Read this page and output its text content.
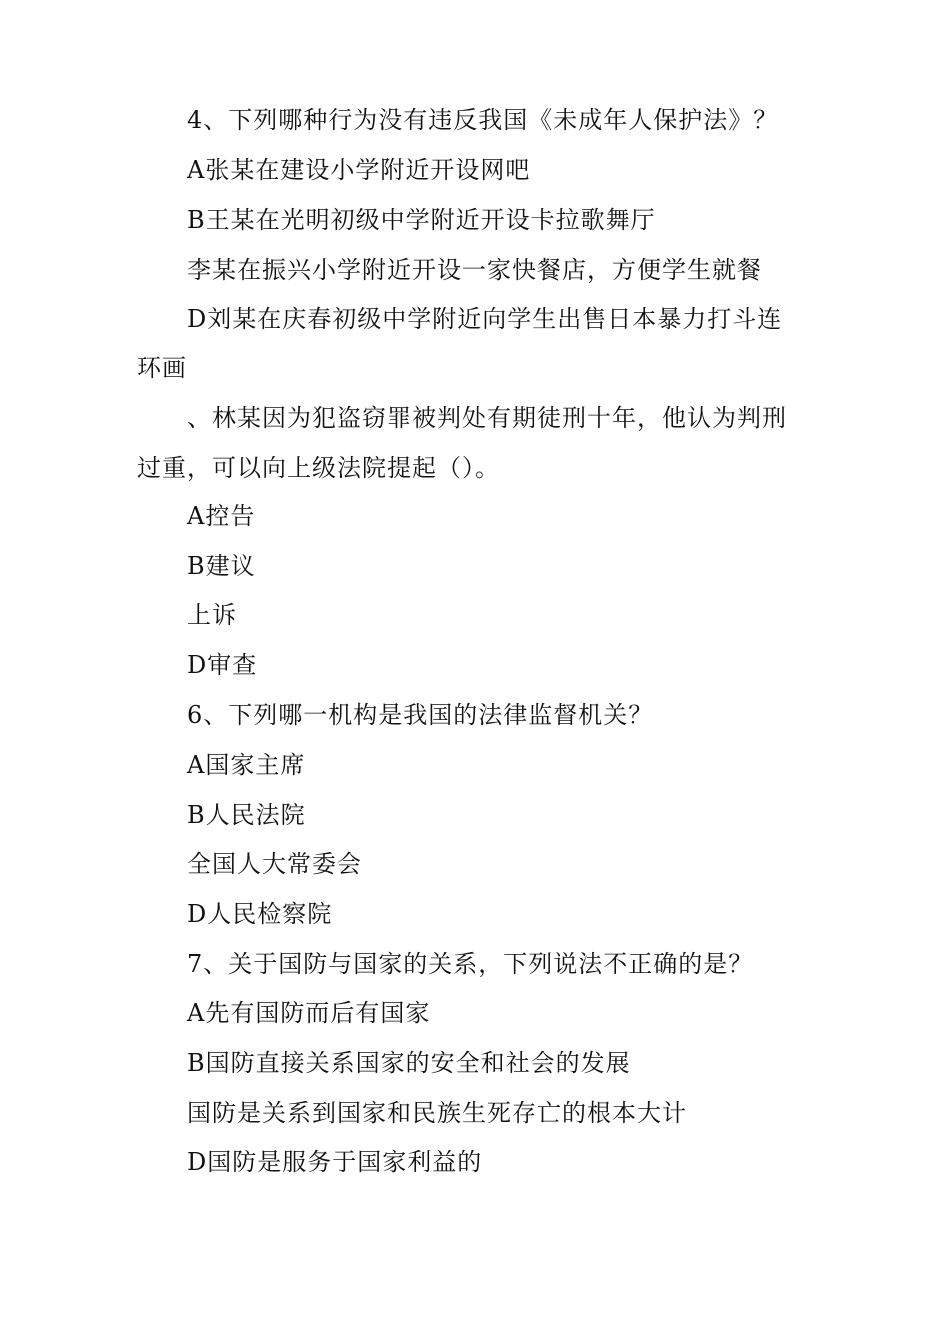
4、下列哪种行为没有违反我国《未成年人保护法》？
A张某在建设小学附近开设网吧
B王某在光明初级中学附近开设卡拉歌舞厅
李某在振兴小学附近开设一家快餐店，方便学生就餐
D刘某在庆春初级中学附近向学生出售日本暴力打斗连
环画
、林某因为犯盗窃罪被判处有期徒刑十年，他认为判刑
过重，可以向上级法院提起（）。
A控告
B建议
上诉
D审查
6、下列哪一机构是我国的法律监督机关？
A国家主席
B人民法院
全国人大常委会
D人民检察院
7、关于国防与国家的关系，下列说法不正确的是？
A先有国防而后有国家
B国防直接关系国家的安全和社会的发展
国防是关系到国家和民族生死存亡的根本大计
D国防是服务于国家利益的
